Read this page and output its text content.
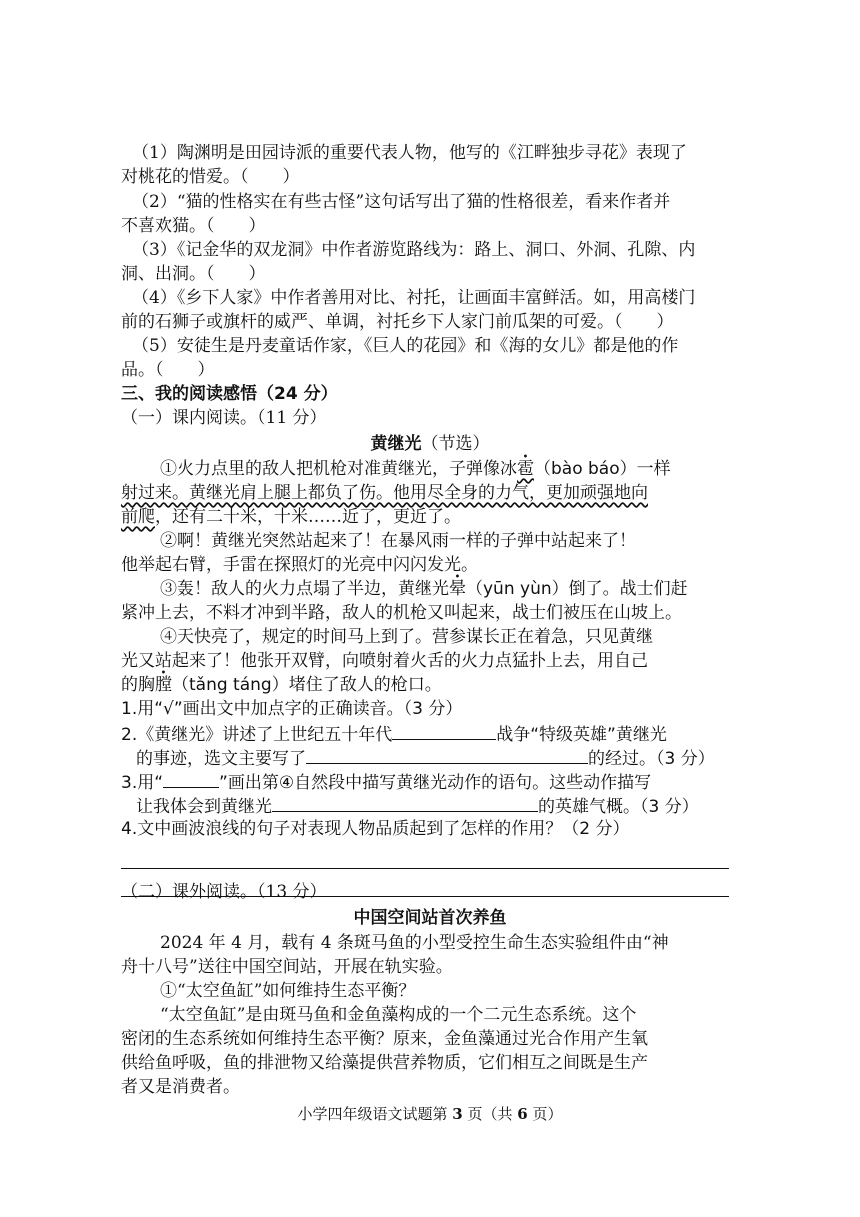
（1）陶渊明是田园诗派的重要代表人物，他写的《江畔独步寻花》表现了
对桃花的惜爱。（　　）
（2）“猫的性格实在有些古怪”这句话写出了猫的性格很差，看来作者并
不喜欢猫。（　　）
（3）《记金华的双龙洞》中作者游览路线为：路上、洞口、外洞、孔隙、内
洞、出洞。（　　）
（4）《乡下人家》中作者善用对比、衬托，让画面丰富鲜活。如，用高楼门
前的石狮子或旗杆的威严、单调，衬托乡下人家门前瓜架的可爱。（　　）
（5）安徒生是丹麦童话作家，《巨人的花园》和《海的女儿》都是他的作
品。（　　）
三、我的阅读感悟（24 分）
（一）课内阅读。（11 分）
黄继光（节选）
①火力点里的敌人把机枪对准黄继光，子弹像冰雹（bào báo）一样
射过来。黄继光肩上腿上都负了伤。他用尽全身的力气，更加顽强地向
前爬，还有二十米，十米……近了，更近了。
②啊！黄继光突然站起来了！在暴风雨一样的子弹中站起来了！
他举起右臂，手雷在探照灯的光亮中闪闪发光。
③轰！敌人的火力点塌了半边，黄继光晕（yūn yùn）倒了。战士们赶
紧冲上去，不料才冲到半路，敌人的机枪又叫起来，战士们被压在山坡上。
④天快亮了，规定的时间马上到了。营参谋长正在着急，只见黄继
光又站起来了！他张开双臂，向喷射着火舌的火力点猛扑上去，用自己
的胸膛（tǎng táng）堵住了敌人的枪口。
1.用“√”画出文中加点字的正确读音。（3 分）
2.《黄继光》讲述了上世纪五十年代	战争“特级英雄”黄继光
的事迹，选文主要写了	的经过。（3 分）
3.用“	”画出第④自然段中描写黄继光动作的语句。这些动作描写
让我体会到黄继光	的英雄气概。（3 分）
4.文中画波浪线的句子对表现人物品质起到了怎样的作用？（2 分）
（二）课外阅读。（13 分）
中国空间站首次养鱼
2024 年 4 月，载有 4 条斑马鱼的小型受控生命生态实验组件由“神
舟十八号”送往中国空间站，开展在轨实验。
①“太空鱼缸”如何维持生态平衡？
“太空鱼缸”是由斑马鱼和金鱼藻构成的一个二元生态系统。这个
密闭的生态系统如何维持生态平衡？原来，金鱼藻通过光合作用产生氧
供给鱼呼吸，鱼的排泄物又给藻提供营养物质，它们相互之间既是生产
者又是消费者。
小学四年级语文试题第 3 页（共 6 页）
